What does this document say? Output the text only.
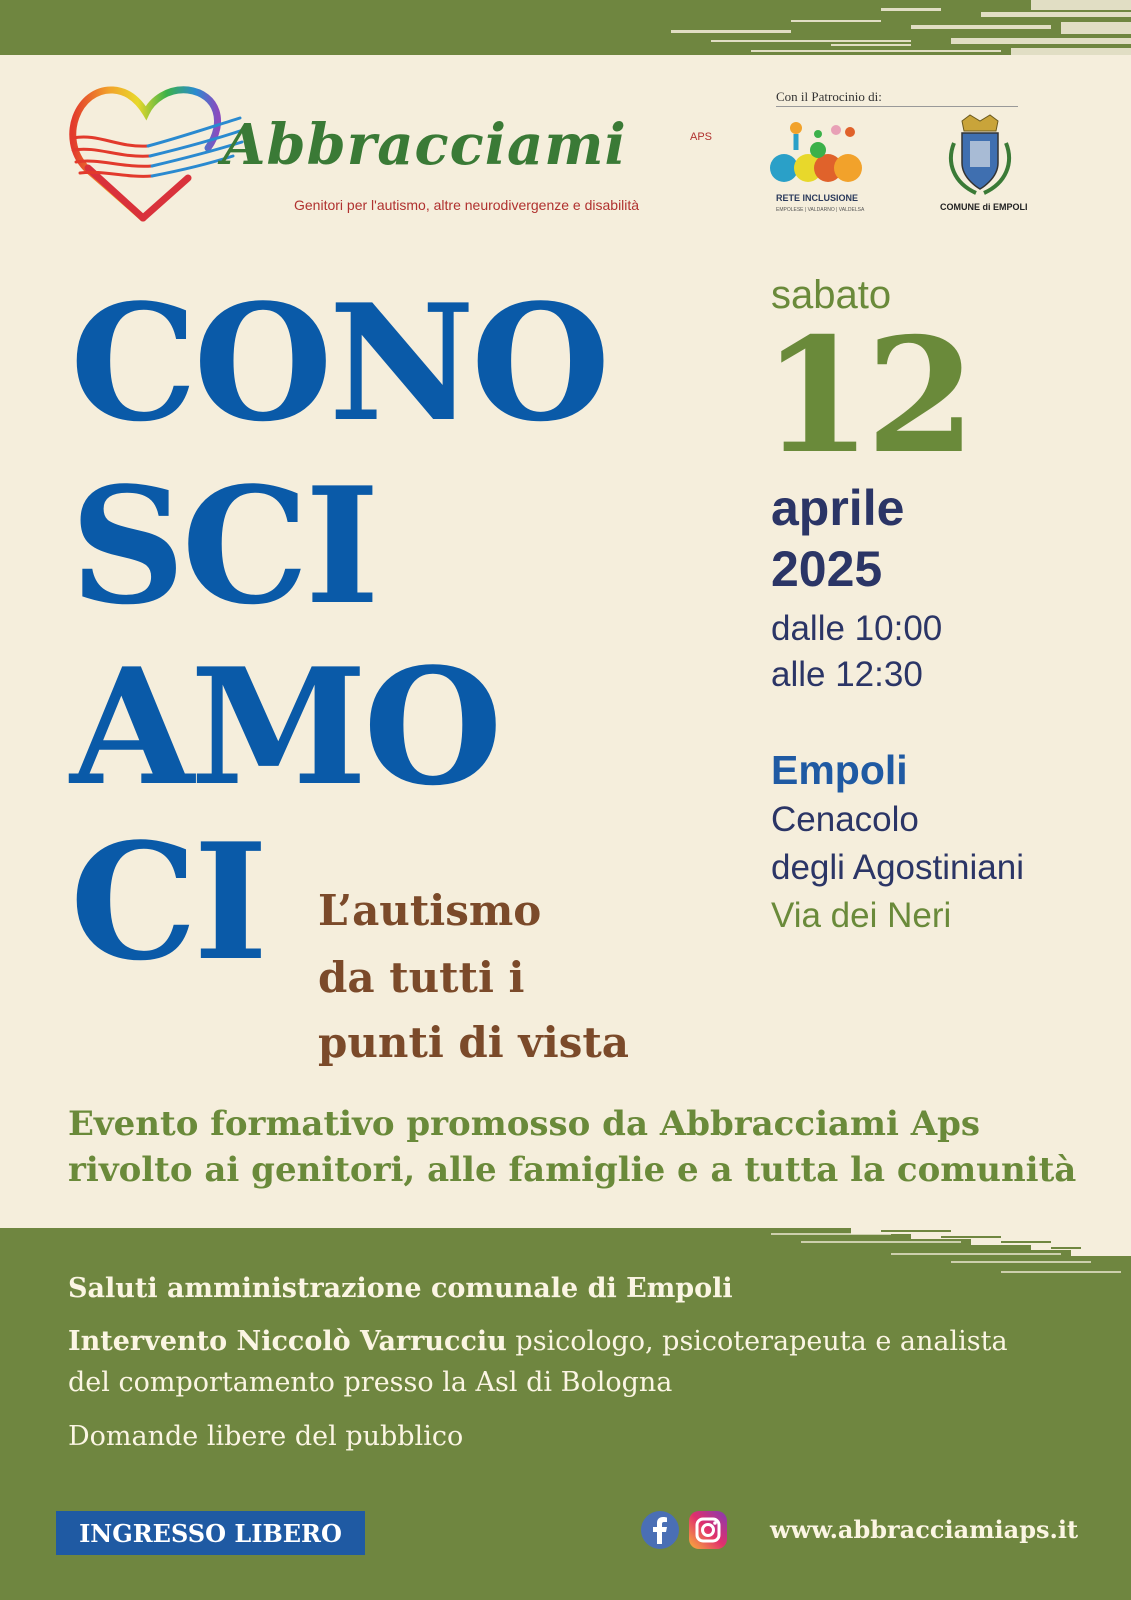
Abbracciami	APS
Genitori per l'autismo, altre neurodivergenze e disabilità
Con il Patrocinio di:
RETE INCLUSIONE
EMPOLESE | VALDARNO | VALDELSA	COMUNE di EMPOLI
CONO
SCI
AMO
CI L’autismo
da tutti i
punti di vista
sabato
12
aprile
2025
dalle 10:00
alle 12:30
Empoli
Cenacolo
degli Agostiniani
Via dei Neri
Evento formativo promosso da Abbracciami Aps
rivolto ai genitori, alle famiglie e a tutta la comunità
Saluti amministrazione comunale di Empoli
Intervento Niccolò Varrucciu psicologo, psicoterapeuta e analista
del comportamento presso la Asl di Bologna
Domande libere del pubblico
INGRESSO LIBERO	www.abbracciamiaps.it
